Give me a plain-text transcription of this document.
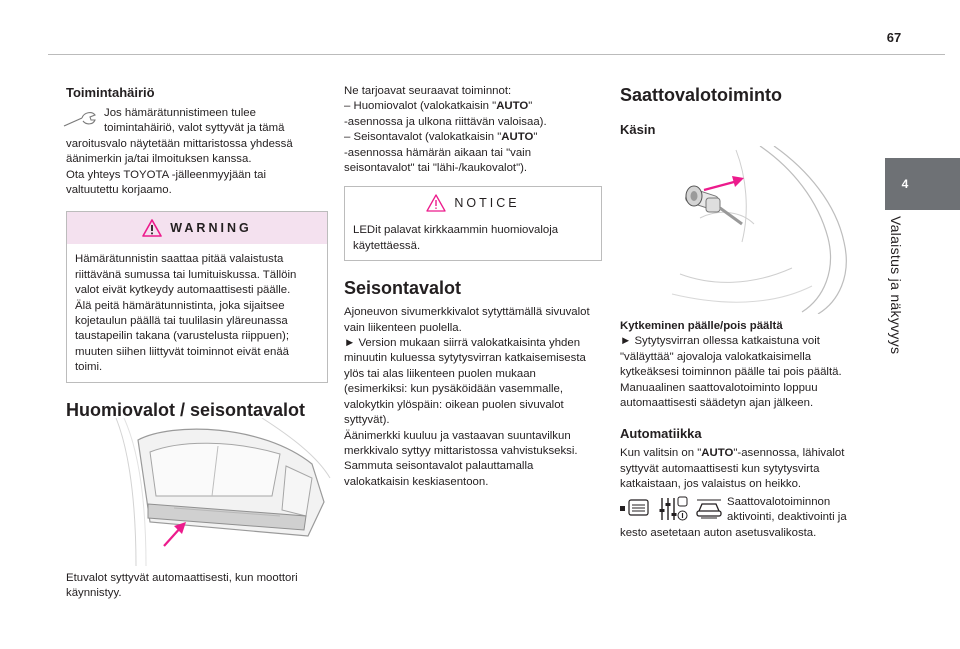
67
4
Valaistus ja näkyvyys
Toimintahäiriö

Jos hämärätunnistimeen tulee

toimintahäiriö, valot syttyvät ja tämä

varoitusvalo näytetään mittaristossa yhdessä

äänimerkin ja/tai ilmoituksen kanssa.

Ota yhteys TOYOTA -jälleenmyyjään tai

valtuutettu korjaamo.

WARNING

Hämärätunnistin saattaa pitää valaistusta

riittävänä sumussa tai lumituiskussa. Tällöin

valot eivät kytkeydy automaattisesti päälle.

Älä peitä hämärätunnistinta, joka sijaitsee

kojetaulun päällä tai tuulilasin yläreunassa

taustapeilin takana (varustelusta riippuen);

muuten siihen liittyvät toiminnot eivät enää

toimi.

Huomiovalot / seisontavalot

Etuvalot syttyvät automaattisesti, kun moottori

käynnistyy.

Ne tarjoavat seuraavat toiminnot:

– Huomiovalot (valokatkaisin "AUTO"

-asennossa ja ulkona riittävän valoisaa).

– Seisontavalot (valokatkaisin "AUTO"

-asennossa hämärän aikaan tai "vain

seisontavalot" tai "lähi-/kaukovalot").

NOTICE

LEDit palavat kirkkaammin huomiovaloja

käytettäessä.

Seisontavalot

Ajoneuvon sivumerkkivalot sytyttämällä sivuvalot

vain liikenteen puolella.

► Version mukaan siirrä valokatkaisinta yhden

minuutin kuluessa sytytysvirran katkaisemisesta

ylös tai alas liikenteen puolen mukaan

(esimerkiksi: kun pysäköidään vasemmalle,

valokytkin ylöspäin: oikean puolen sivuvalot

syttyvät).

Äänimerkki kuuluu ja vastaavan suuntavilkun

merkkivalo syttyy mittaristossa vahvistukseksi.

Sammuta seisontavalot palauttamalla

valokatkaisin keskiasentoon.

Saattovalotoiminto
Käsin

Kytkeminen päälle/pois päältä

► Sytytysvirran ollessa katkaistuna voit

"väläyttää" ajovaloja valokatkaisimella

kytkeäksesi toiminnon päälle tai pois päältä.

Manuaalinen saattovalotoiminto loppuu

automaattisesti säädetyn ajan jälkeen.

Automatiikka

Kun valitsin on "AUTO"-asennossa, lähivalot

syttyvät automaattisesti kun sytytysvirta

katkaistaan, jos valaistus on heikko.

Saattovalotoiminnon

aktivointi, deaktivointi ja

kesto asetetaan auton asetusvalikosta.
